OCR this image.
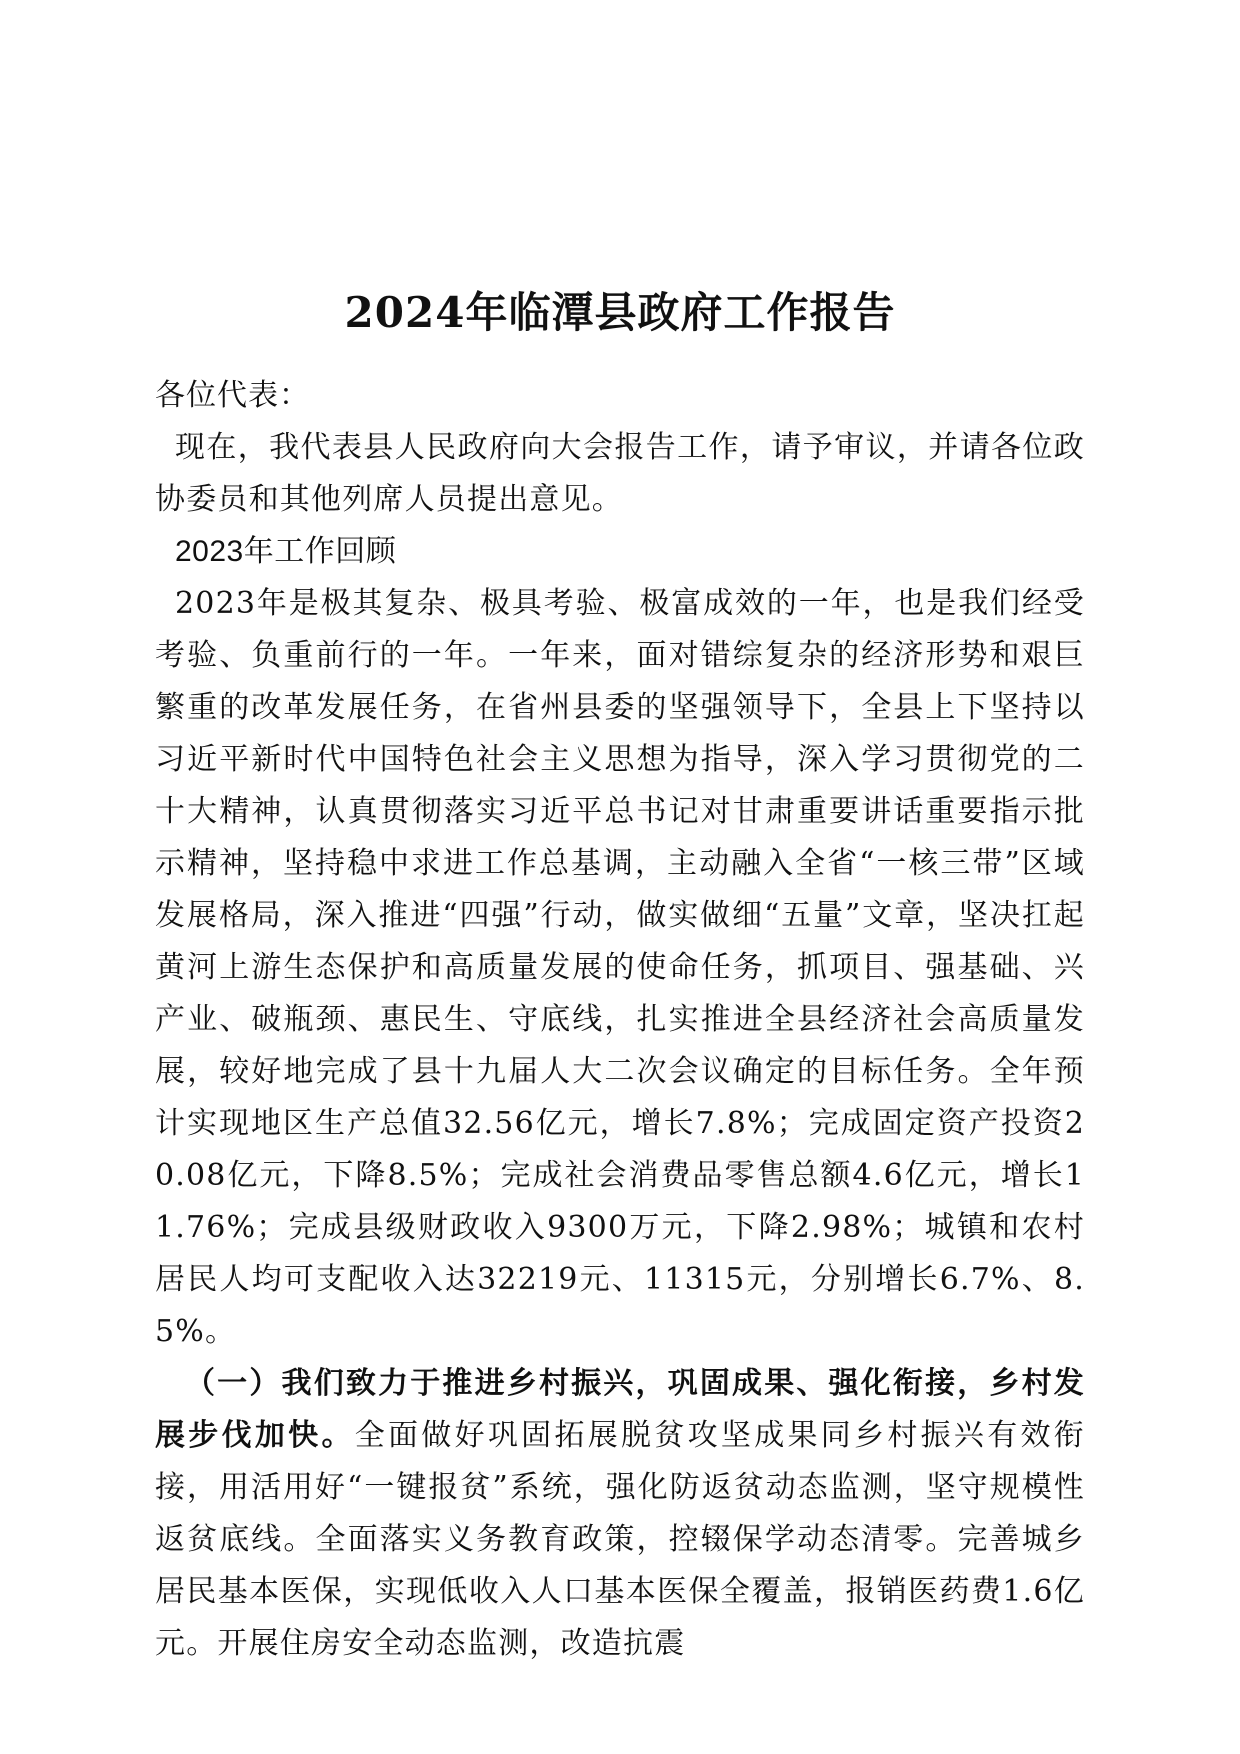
2024年临潭县政府工作报告

各位代表：

现在，我代表县人民政府向大会报告工作，请予审议，并请各位政协委员和其他列席人员提出意见。

2023年工作回顾

2023年是极其复杂、极具考验、极富成效的一年，也是我们经受考验、负重前行的一年。一年来，面对错综复杂的经济形势和艰巨繁重的改革发展任务，在省州县委的坚强领导下，全县上下坚持以习近平新时代中国特色社会主义思想为指导，深入学习贯彻党的二十大精神，认真贯彻落实习近平总书记对甘肃重要讲话重要指示批示精神，坚持稳中求进工作总基调，主动融入全省“一核三带”区域发展格局，深入推进“四强”行动，做实做细“五量”文章，坚决扛起黄河上游生态保护和高质量发展的使命任务，抓项目、强基础、兴产业、破瓶颈、惠民生、守底线，扎实推进全县经济社会高质量发展，较好地完成了县十九届人大二次会议确定的目标任务。全年预计实现地区生产总值32.56亿元，增长7.8%；完成固定资产投资20.08亿元，下降8.5%；完成社会消费品零售总额4.6亿元，增长11.76%；完成县级财政收入9300万元，下降2.98%；城镇和农村居民人均可支配收入达32219元、11315元，分别增长6.7%、8.5%。

（一）我们致力于推进乡村振兴，巩固成果、强化衔接，乡村发展步伐加快。全面做好巩固拓展脱贫攻坚成果同乡村振兴有效衔接，用活用好“一键报贫”系统，强化防返贫动态监测，坚守规模性返贫底线。全面落实义务教育政策，控辍保学动态清零。完善城乡居民基本医保，实现低收入人口基本医保全覆盖，报销医药费1.6亿元。开展住房安全动态监测，改造抗震
